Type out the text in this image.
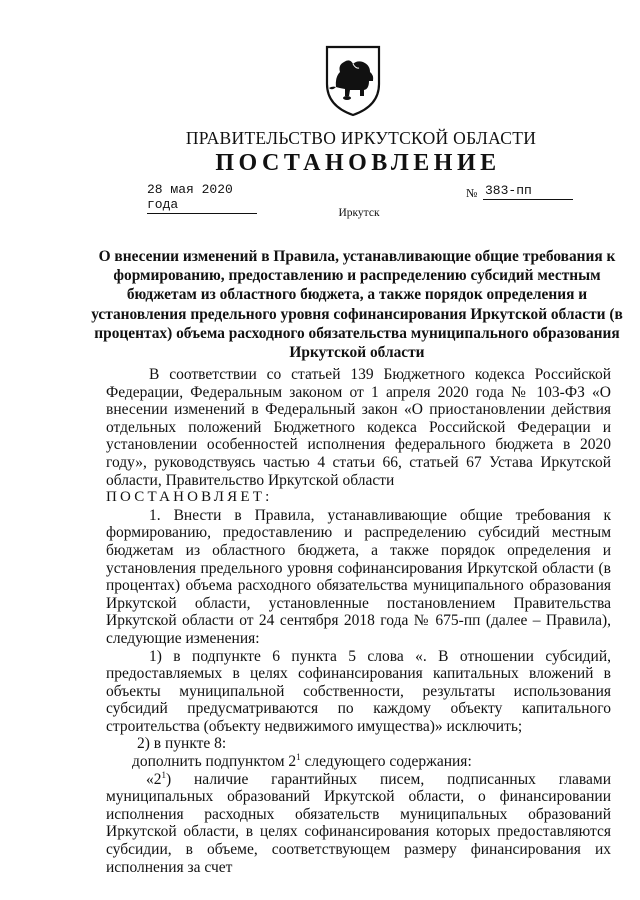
ПРАВИТЕЛЬСТВО ИРКУТСКОЙ ОБЛАСТИ
ПОСТАНОВЛЕНИЕ
28 мая 2020 года
№ 383-пп
Иркутск
О внесении изменений в Правила, устанавливающие общие требования к формированию, предоставлению и распределению субсидий местным бюджетам из областного бюджета, а также порядок определения и установления предельного уровня софинансирования Иркутской области (в процентах) объема расходного обязательства муниципального образования Иркутской области

В соответствии со статьей 139 Бюджетного кодекса Российской Федерации, Федеральным законом от 1 апреля 2020 года № 103-ФЗ «О внесении изменений в Федеральный закон «О приостановлении действия отдельных положений Бюджетного кодекса Российской Федерации и установлении особенностей исполнения федерального бюджета в 2020 году», руководствуясь частью 4 статьи 66, статьей 67 Устава Иркутской области, Правительство Иркутской области

ПОСТАНОВЛЯЕТ:

1. Внести в Правила, устанавливающие общие требования к формированию, предоставлению и распределению субсидий местным бюджетам из областного бюджета, а также порядок определения и установления предельного уровня софинансирования Иркутской области (в процентах) объема расходного обязательства муниципального образования Иркутской области, установленные постановлением Правительства Иркутской области от 24 сентября 2018 года № 675-пп (далее – Правила), следующие изменения:

1) в подпункте 6 пункта 5 слова «. В отношении субсидий, предоставляемых в целях софинансирования капитальных вложений в объекты муниципальной собственности, результаты использования субсидий предусматриваются по каждому объекту капитального строительства (объекту недвижимого имущества)» исключить;

2) в пункте 8:

дополнить подпунктом $2^1$ следующего содержания:

«$2^1$) наличие гарантийных писем, подписанных главами муниципальных образований Иркутской области, о финансировании исполнения расходных обязательств муниципальных образований Иркутской области, в целях софинансирования которых предоставляются субсидии, в объеме, соответствующем размеру финансирования их исполнения за счет
